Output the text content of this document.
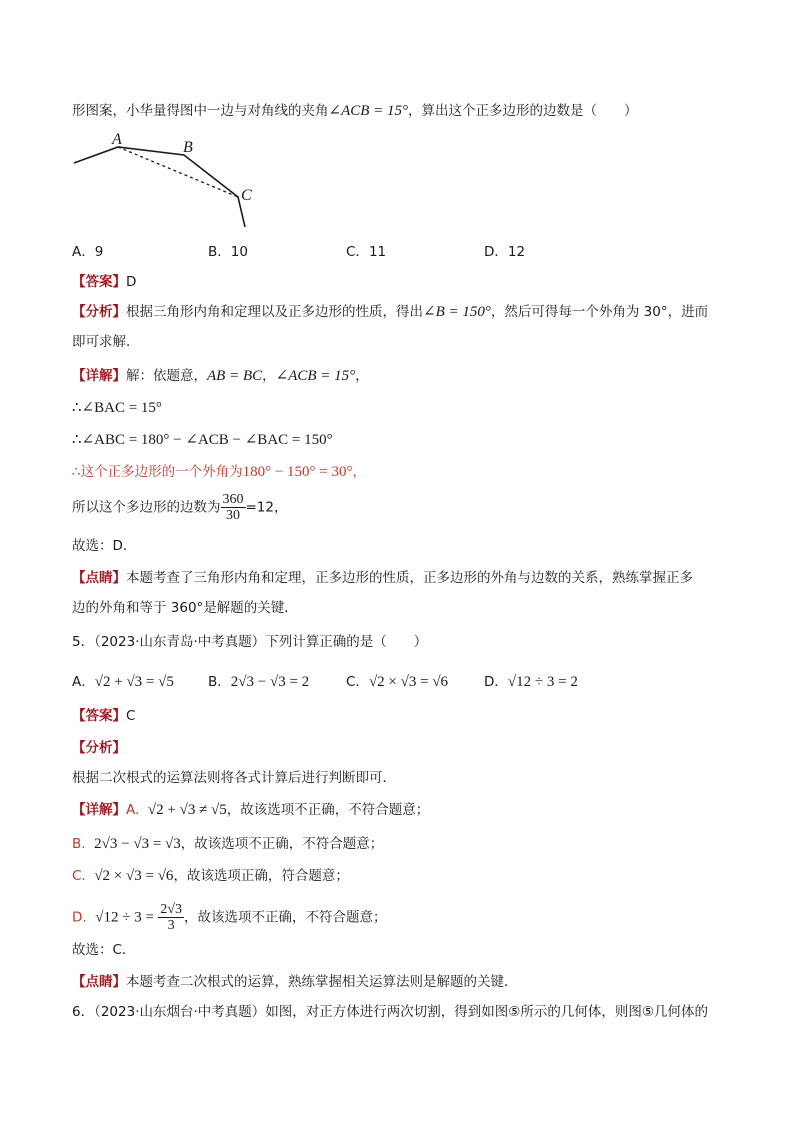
形图案，小华量得图中一边与对角线的夹角∠ACB = 15°，算出这个正多边形的边数是（　　）
A	B
C
A．9	B．10	C．11	D．12
【答案】D
【分析】根据三角形内角和定理以及正多边形的性质，得出∠B = 150°，然后可得每一个外角为 30°，进而
即可求解．
【详解】解：依题意，AB = BC，∠ACB = 15°，
∴∠BAC = 15°
∴∠ABC = 180° − ∠ACB − ∠BAC = 150°
∴这个正多边形的一个外角为180° − 150° = 30°，
所以这个多边形的边数为 $\frac{360}{30} =12$，
故选：D．
【点睛】本题考查了三角形内角和定理，正多边形的性质，正多边形的外角与边数的关系，熟练掌握正多
边的外角和等于 360°是解题的关键．
5．（2023·山东青岛·中考真题）下列计算正确的是（　　）
A．√2 + √3 = √5	B．2√3 − √3 = 2	C．√2 × √3 = √6	D．√12 ÷ 3 = 2
【答案】C
【分析】
根据二次根式的运算法则将各式计算后进行判断即可．
【详解】A. √2 + √3 ≠ √5，故该选项不正确，不符合题意；
B. 2√3 − √3 = √3，故该选项不正确，不符合题意；
C. √2 × √3 = √6，故该选项正确，符合题意；
D. $√12 \div 3 = \frac{2√3}{3}$ ，故该选项不正确，不符合题意；
故选：C．
【点睛】本题考查二次根式的运算，熟练掌握相关运算法则是解题的关键．
6．（2023·山东烟台·中考真题）如图，对正方体进行两次切割，得到如图⑤所示的几何体，则图⑤几何体的
